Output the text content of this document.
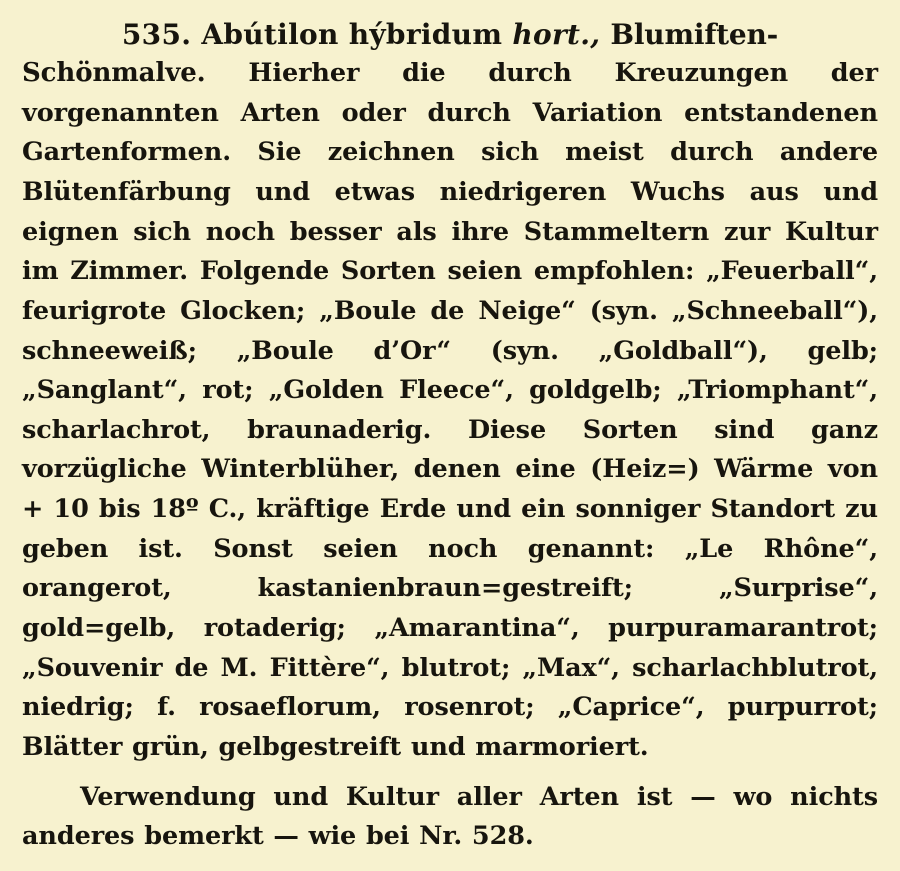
535. Abútilon hýbridum hort., Blumiften-

Schönmalve. Hierher die durch Kreuzungen der vorgenannten Arten oder durch Variation entstandenen Gartenformen. Sie zeichnen sich meist durch andere Blütenfärbung und etwas niedrigeren Wuchs aus und eignen sich noch besser als ihre Stammeltern zur Kultur im Zimmer. Folgende Sorten seien empfohlen: „Feuerball“, feurigrote Glocken; „Boule de Neige“ (syn. „Schneeball“), schneeweiß; „Boule d’Or“ (syn. „Goldball“), gelb; „Sanglant“, rot; „Golden Fleece“, goldgelb; „Triomphant“, scharlachrot, braunaderig. Diese Sorten sind ganz vorzügliche Winterblüher, denen eine (Heiz=) Wärme von + 10 bis 18º C., kräftige Erde und ein sonniger Standort zu geben ist. Sonst seien noch genannt: „Le Rhône“, orangerot, kastanienbraun=gestreift; „Surprise“, gold=gelb, rotaderig; „Amarantina“, purpuramarantrot; „Souvenir de M. Fittère“, blutrot; „Max“, scharlachblutrot, niedrig; f. rosaeflorum, rosenrot; „Caprice“, purpurrot; Blätter grün, gelbgestreift und marmoriert.

Verwendung und Kultur aller Arten ist — wo nichts anderes bemerkt — wie bei Nr. 528.
